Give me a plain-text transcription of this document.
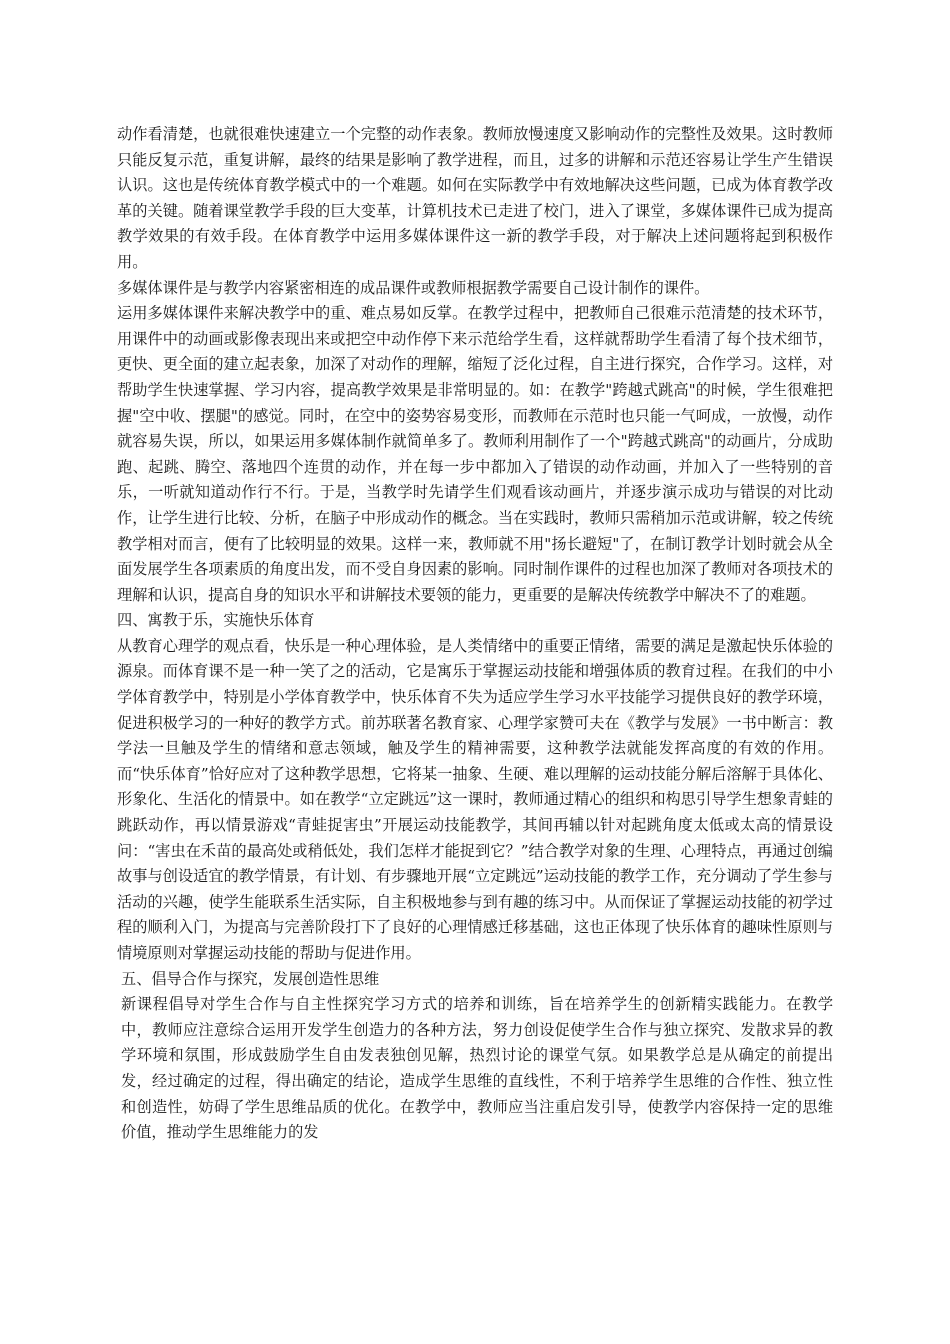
动作看清楚，也就很难快速建立一个完整的动作表象。教师放慢速度又影响动作的完整性及效果。这时教师只能反复示范，重复讲解，最终的结果是影响了教学进程，而且，过多的讲解和示范还容易让学生产生错误认识。这也是传统体育教学模式中的一个难题。如何在实际教学中有效地解决这些问题，已成为体育教学改革的关键。随着课堂教学手段的巨大变革，计算机技术已走进了校门，进入了课堂，多媒体课件已成为提高教学效果的有效手段。在体育教学中运用多媒体课件这一新的教学手段，对于解决上述问题将起到积极作用。

多媒体课件是与教学内容紧密相连的成品课件或教师根据教学需要自己设计制作的课件。

运用多媒体课件来解决教学中的重、难点易如反掌。在教学过程中，把教师自己很难示范清楚的技术环节，用课件中的动画或影像表现出来或把空中动作停下来示范给学生看，这样就帮助学生看清了每个技术细节，更快、更全面的建立起表象，加深了对动作的理解，缩短了泛化过程，自主进行探究，合作学习。这样，对帮助学生快速掌握、学习内容，提高教学效果是非常明显的。如：在教学"跨越式跳高"的时候，学生很难把握"空中收、摆腿"的感觉。同时，在空中的姿势容易变形，而教师在示范时也只能一气呵成，一放慢，动作就容易失误，所以，如果运用多媒体制作就简单多了。教师利用制作了一个"跨越式跳高"的动画片，分成助跑、起跳、腾空、落地四个连贯的动作，并在每一步中都加入了错误的动作动画，并加入了一些特别的音乐，一听就知道动作行不行。于是，当教学时先请学生们观看该动画片，并逐步演示成功与错误的对比动作，让学生进行比较、分析，在脑子中形成动作的概念。当在实践时，教师只需稍加示范或讲解，较之传统教学相对而言，便有了比较明显的效果。这样一来，教师就不用"扬长避短"了，在制订教学计划时就会从全面发展学生各项素质的角度出发，而不受自身因素的影响。同时制作课件的过程也加深了教师对各项技术的理解和认识，提高自身的知识水平和讲解技术要领的能力，更重要的是解决传统教学中解决不了的难题。

四、寓教于乐，实施快乐体育

从教育心理学的观点看，快乐是一种心理体验，是人类情绪中的重要正情绪，需要的满足是激起快乐体验的源泉。而体育课不是一种一笑了之的活动，它是寓乐于掌握运动技能和增强体质的教育过程。在我们的中小学体育教学中，特别是小学体育教学中，快乐体育不失为适应学生学习水平技能学习提供良好的教学环境，促进积极学习的一种好的教学方式。前苏联著名教育家、心理学家赞可夫在《教学与发展》一书中断言：教学法一旦触及学生的情绪和意志领域，触及学生的精神需要，这种教学法就能发挥高度的有效的作用。而“快乐体育”恰好应对了这种教学思想，它将某一抽象、生硬、难以理解的运动技能分解后溶解于具体化、形象化、生活化的情景中。如在教学“立定跳远”这一课时，教师通过精心的组织和构思引导学生想象青蛙的跳跃动作，再以情景游戏“青蛙捉害虫”开展运动技能教学，其间再辅以针对起跳角度太低或太高的情景设问：“害虫在禾苗的最高处或稍低处，我们怎样才能捉到它？”结合教学对象的生理、心理特点，再通过创编故事与创设适宜的教学情景，有计划、有步骤地开展“立定跳远”运动技能的教学工作，充分调动了学生参与活动的兴趣，使学生能联系生活实际，自主积极地参与到有趣的练习中。从而保证了掌握运动技能的初学过程的顺利入门，为提高与完善阶段打下了良好的心理情感迁移基础，这也正体现了快乐体育的趣味性原则与情境原则对掌握运动技能的帮助与促进作用。

五、倡导合作与探究，发展创造性思维

新课程倡导对学生合作与自主性探究学习方式的培养和训练，旨在培养学生的创新精实践能力。在教学中，教师应注意综合运用开发学生创造力的各种方法，努力创设促使学生合作与独立探究、发散求异的教学环境和氛围，形成鼓励学生自由发表独创见解，热烈讨论的课堂气氛。如果教学总是从确定的前提出发，经过确定的过程，得出确定的结论，造成学生思维的直线性，不利于培养学生思维的合作性、独立性和创造性，妨碍了学生思维品质的优化。在教学中，教师应当注重启发引导，使教学内容保持一定的思维价值，推动学生思维能力的发
